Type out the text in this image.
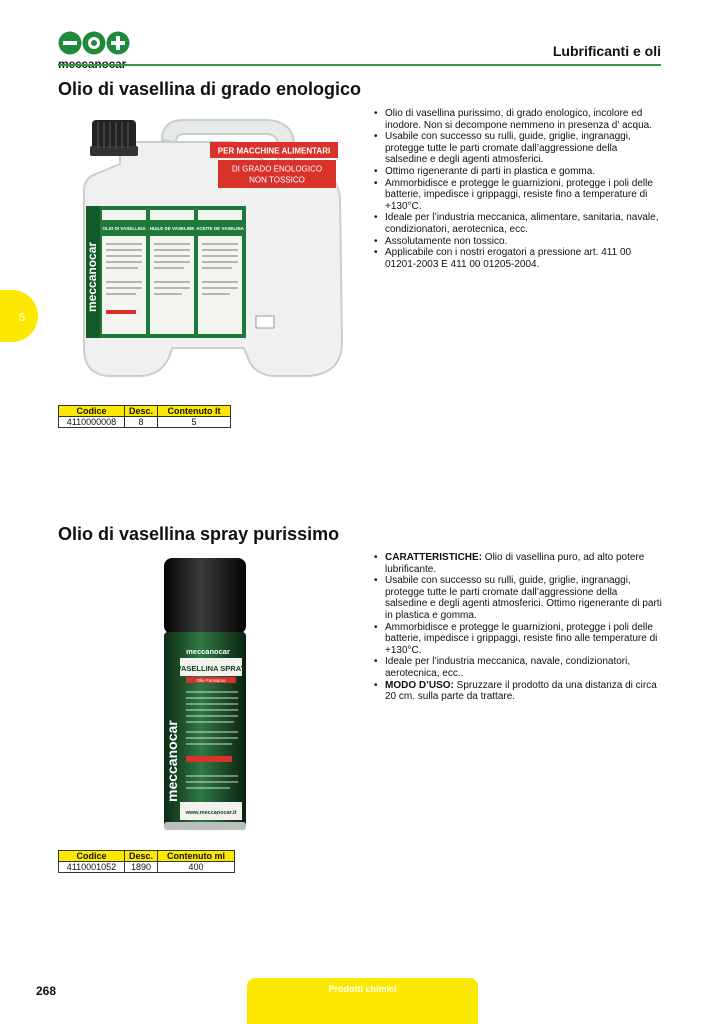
Lubrificanti e oli
5
Olio di vasellina di grado enologico
PER MACCHINE ALIMENTARI
DI GRADO ENOLOGICO
NON TOSSICO
meccanocar
OLIO DI VASELLINA HUILE DE VASELINE ACEITE DE VASELINA
• Olio di vasellina purissimo, di grado enologico, incolore ed inodore. Non si decompone nemmeno in presenza d’ acqua.
• Usabile con successo su rulli, guide, griglie, ingranaggi, protegge tutte le parti cromate dall’aggressione della salsedine e degli agenti atmosferici.
• Ottimo rigenerante di parti in plastica e gomma.
• Ammorbidisce e protegge le guarnizioni, protegge i poli delle batterie, impedisce i grippaggi, resiste fino a temperature di +130°C.
• Ideale per l’industria meccanica, alimentare, sanitaria, navale, condizionatori, aerotecnica, ecc.
• Assolutamente non tossico.
• Applicabile con i nostri erogatori a pressione art. 411 00 01201-2003 E 411 00 01205-2004.
Codice	Desc.	Contenuto lt
4110000008	8	5
Olio di vasellina spray purissimo
meccanocar
VASELLINA SPRAY
Olio Purissimo
meccanocar
www.meccanocar.it
• CARATTERISTICHE: Olio di vasellina puro, ad alto potere lubrificante.
• Usabile con successo su rulli, guide, griglie, ingranaggi, protegge tutte le parti cromate dall’aggressione della salsedine e degli agenti atmosferici. Ottimo rigenerante di parti in plastica e gomma.
• Ammorbidisce e protegge le guarnizioni, protegge i poli delle batterie, impedisce i grippaggi, resiste fino alle temperature di +130°C.
• Ideale per l’industria meccanica, navale, condizionatori, aerotecnica, ecc..
• MODO D’USO: Spruzzare il prodotto da una distanza di circa 20 cm. sulla parte da trattare.
Codice	Desc.	Contenuto ml
4110001052	1890	400
268	Prodotti chimici
